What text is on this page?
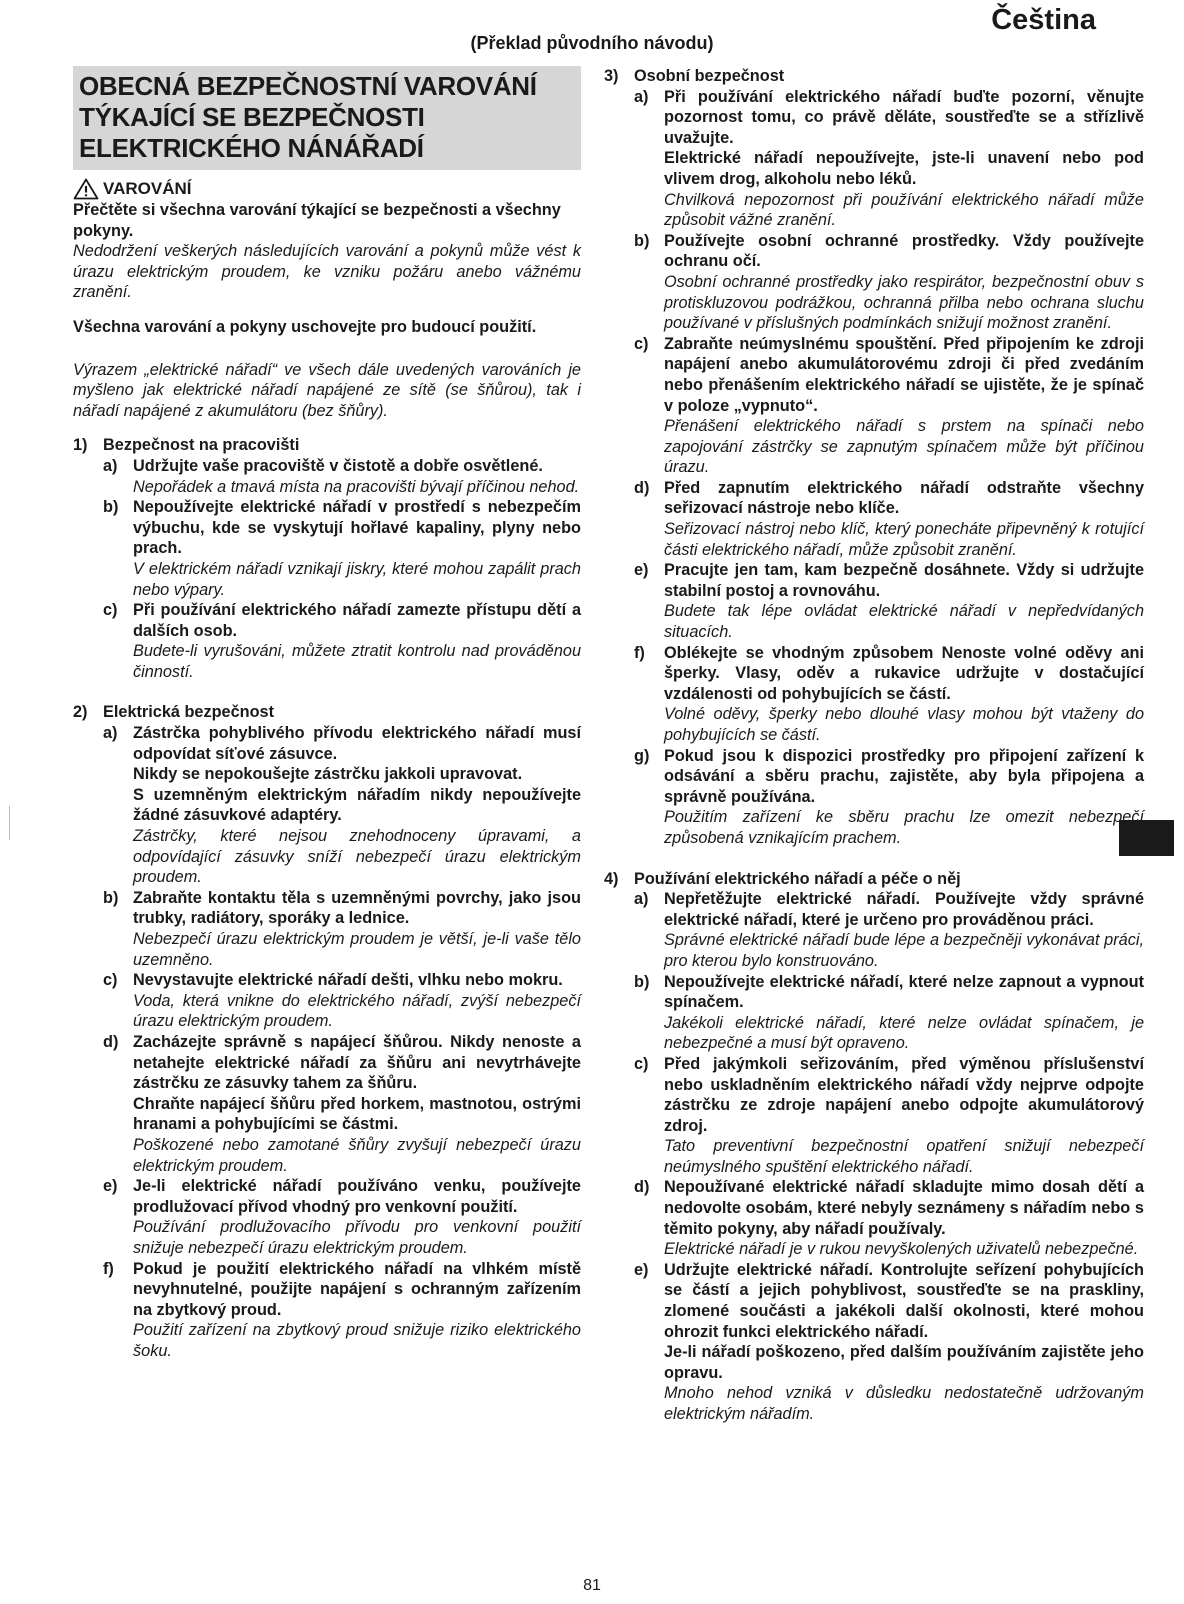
Čeština
(Překlad původního návodu)
OBECNÁ BEZPEČNOSTNÍ VAROVÁNÍ
TÝKAJÍCÍ SE BEZPEČNOSTI
ELEKTRICKÉHO NÁNÁŘADÍ
VAROVÁNÍ
Přečtěte si všechna varování týkající se bezpečnosti a všechny pokyny.
Nedodržení veškerých následujících varování a pokynů může vést k úrazu elektrickým proudem, ke vzniku požáru anebo vážnému zranění.
Všechna varování a pokyny uschovejte pro budoucí použití.
Výrazem „elektrické nářadí“ ve všech dále uvedených varováních je myšleno jak elektrické nářadí napájené ze sítě (se šňůrou), tak i nářadí napájené z akumulátoru (bez šňůry).
1) Bezpečnost na pracovišti
a) Udržujte vaše pracoviště v čistotě a dobře osvětlené.
Nepořádek a tmavá místa na pracovišti bývají příčinou nehod.
b) Nepoužívejte elektrické nářadí v prostředí s nebezpečím výbuchu, kde se vyskytují hořlavé kapaliny, plyny nebo prach.
V elektrickém nářadí vznikají jiskry, které mohou zapálit prach nebo výpary.
c) Při používání elektrického nářadí zamezte přístupu dětí a dalších osob.
Budete-li vyrušováni, můžete ztratit kontrolu nad prováděnou činností.
2) Elektrická bezpečnost
a) Zástrčka pohyblivého přívodu elektrického nářadí musí odpovídat síťové zásuvce.
Nikdy se nepokoušejte zástrčku jakkoli upravovat.
S uzemněným elektrickým nářadím nikdy nepoužívejte žádné zásuvkové adaptéry.
Zástrčky, které nejsou znehodnoceny úpravami, a odpovídající zásuvky sníží nebezpečí úrazu elektrickým proudem.
b) Zabraňte kontaktu těla s uzemněnými povrchy, jako jsou trubky, radiátory, sporáky a lednice.
Nebezpečí úrazu elektrickým proudem je větší, je-li vaše tělo uzemněno.
c) Nevystavujte elektrické nářadí dešti, vlhku nebo mokru.
Voda, která vnikne do elektrického nářadí, zvýší nebezpečí úrazu elektrickým proudem.
d) Zacházejte správně s napájecí šňůrou. Nikdy nenoste a netahejte elektrické nářadí za šňůru ani nevytrhávejte zástrčku ze zásuvky tahem za šňůru.
Chraňte napájecí šňůru před horkem, mastnotou, ostrými hranami a pohybujícími se částmi.
Poškozené nebo zamotané šňůry zvyšují nebezpečí úrazu elektrickým proudem.
e) Je-li elektrické nářadí používáno venku, používejte prodlužovací přívod vhodný pro venkovní použití.
Používání prodlužovacího přívodu pro venkovní použití snižuje nebezpečí úrazu elektrickým proudem.
f)	Pokud je použití elektrického nářadí na vlhkém místě nevyhnutelné, použijte napájení s ochranným zařízením na zbytkový proud.
Použití zařízení na zbytkový proud snižuje riziko elektrického šoku.
3) Osobní bezpečnost
a) Při používání elektrického nářadí buďte pozorní, věnujte pozornost tomu, co právě děláte, soustřeďte se a střízlivě uvažujte.
Elektrické nářadí nepoužívejte, jste-li unavení nebo pod vlivem drog, alkoholu nebo léků.
Chvilková nepozornost při používání elektrického nářadí může způsobit vážné zranění.
b) Používejte osobní ochranné prostředky. Vždy používejte ochranu očí.
Osobní ochranné prostředky jako respirátor, bezpečnostní obuv s protiskluzovou podrážkou, ochranná přilba nebo ochrana sluchu používané v příslušných podmínkách snižují možnost zranění.
c) Zabraňte neúmyslnému spouštění. Před připojením ke zdroji napájení anebo akumulátorovému zdroji či před zvedáním nebo přenášením elektrického nářadí se ujistěte, že je spínač v poloze „vypnuto“.
Přenášení elektrického nářadí s prstem na spínači nebo zapojování zástrčky se zapnutým spínačem může být příčinou úrazu.
d) Před zapnutím elektrického nářadí odstraňte všechny seřizovací nástroje nebo klíče.
Seřizovací nástroj nebo klíč, který ponecháte připevněný k rotující části elektrického nářadí, může způsobit zranění.
e) Pracujte jen tam, kam bezpečně dosáhnete. Vždy si udržujte stabilní postoj a rovnováhu.
Budete tak lépe ovládat elektrické nářadí v nepředvídaných situacích.
f)	Oblékejte se vhodným způsobem Nenoste volné oděvy ani šperky. Vlasy, oděv a rukavice udržujte v dostačující vzdálenosti od pohybujících se částí.
Volné oděvy, šperky nebo dlouhé vlasy mohou být vtaženy do pohybujících se částí.
g) Pokud jsou k dispozici prostředky pro připojení zařízení k odsávání a sběru prachu, zajistěte, aby byla připojena a správně používána.
Použitím zařízení ke sběru prachu lze omezit nebezpečí způsobená vznikajícím prachem.
4) Používání elektrického nářadí a péče o něj
a) Nepřetěžujte elektrické nářadí. Používejte vždy správné elektrické nářadí, které je určeno pro prováděnou práci.
Správné elektrické nářadí bude lépe a bezpečněji vykonávat práci, pro kterou bylo konstruováno.
b) Nepoužívejte elektrické nářadí, které nelze zapnout a vypnout spínačem.
Jakékoli elektrické nářadí, které nelze ovládat spínačem, je nebezpečné a musí být opraveno.
c) Před jakýmkoli seřizováním, před výměnou příslušenství nebo uskladněním elektrického nářadí vždy nejprve odpojte zástrčku ze zdroje napájení anebo odpojte akumulátorový zdroj.
Tato preventivní bezpečnostní opatření snižují nebezpečí neúmyslného spuštění elektrického nářadí.
d) Nepoužívané elektrické nářadí skladujte mimo dosah dětí a nedovolte osobám, které nebyly seznámeny s nářadím nebo s těmito pokyny, aby nářadí používaly.
Elektrické nářadí je v rukou nevyškolených uživatelů nebezpečné.
e) Udržujte elektrické nářadí. Kontrolujte seřízení pohybujících se částí a jejich pohyblivost, soustřeďte se na praskliny, zlomené součásti a jakékoli další okolnosti, které mohou ohrozit funkci elektrického nářadí.
Je-li nářadí poškozeno, před dalším používáním zajistěte jeho opravu.
Mnoho nehod vzniká v důsledku nedostatečně udržovaným elektrickým nářadím.
81
